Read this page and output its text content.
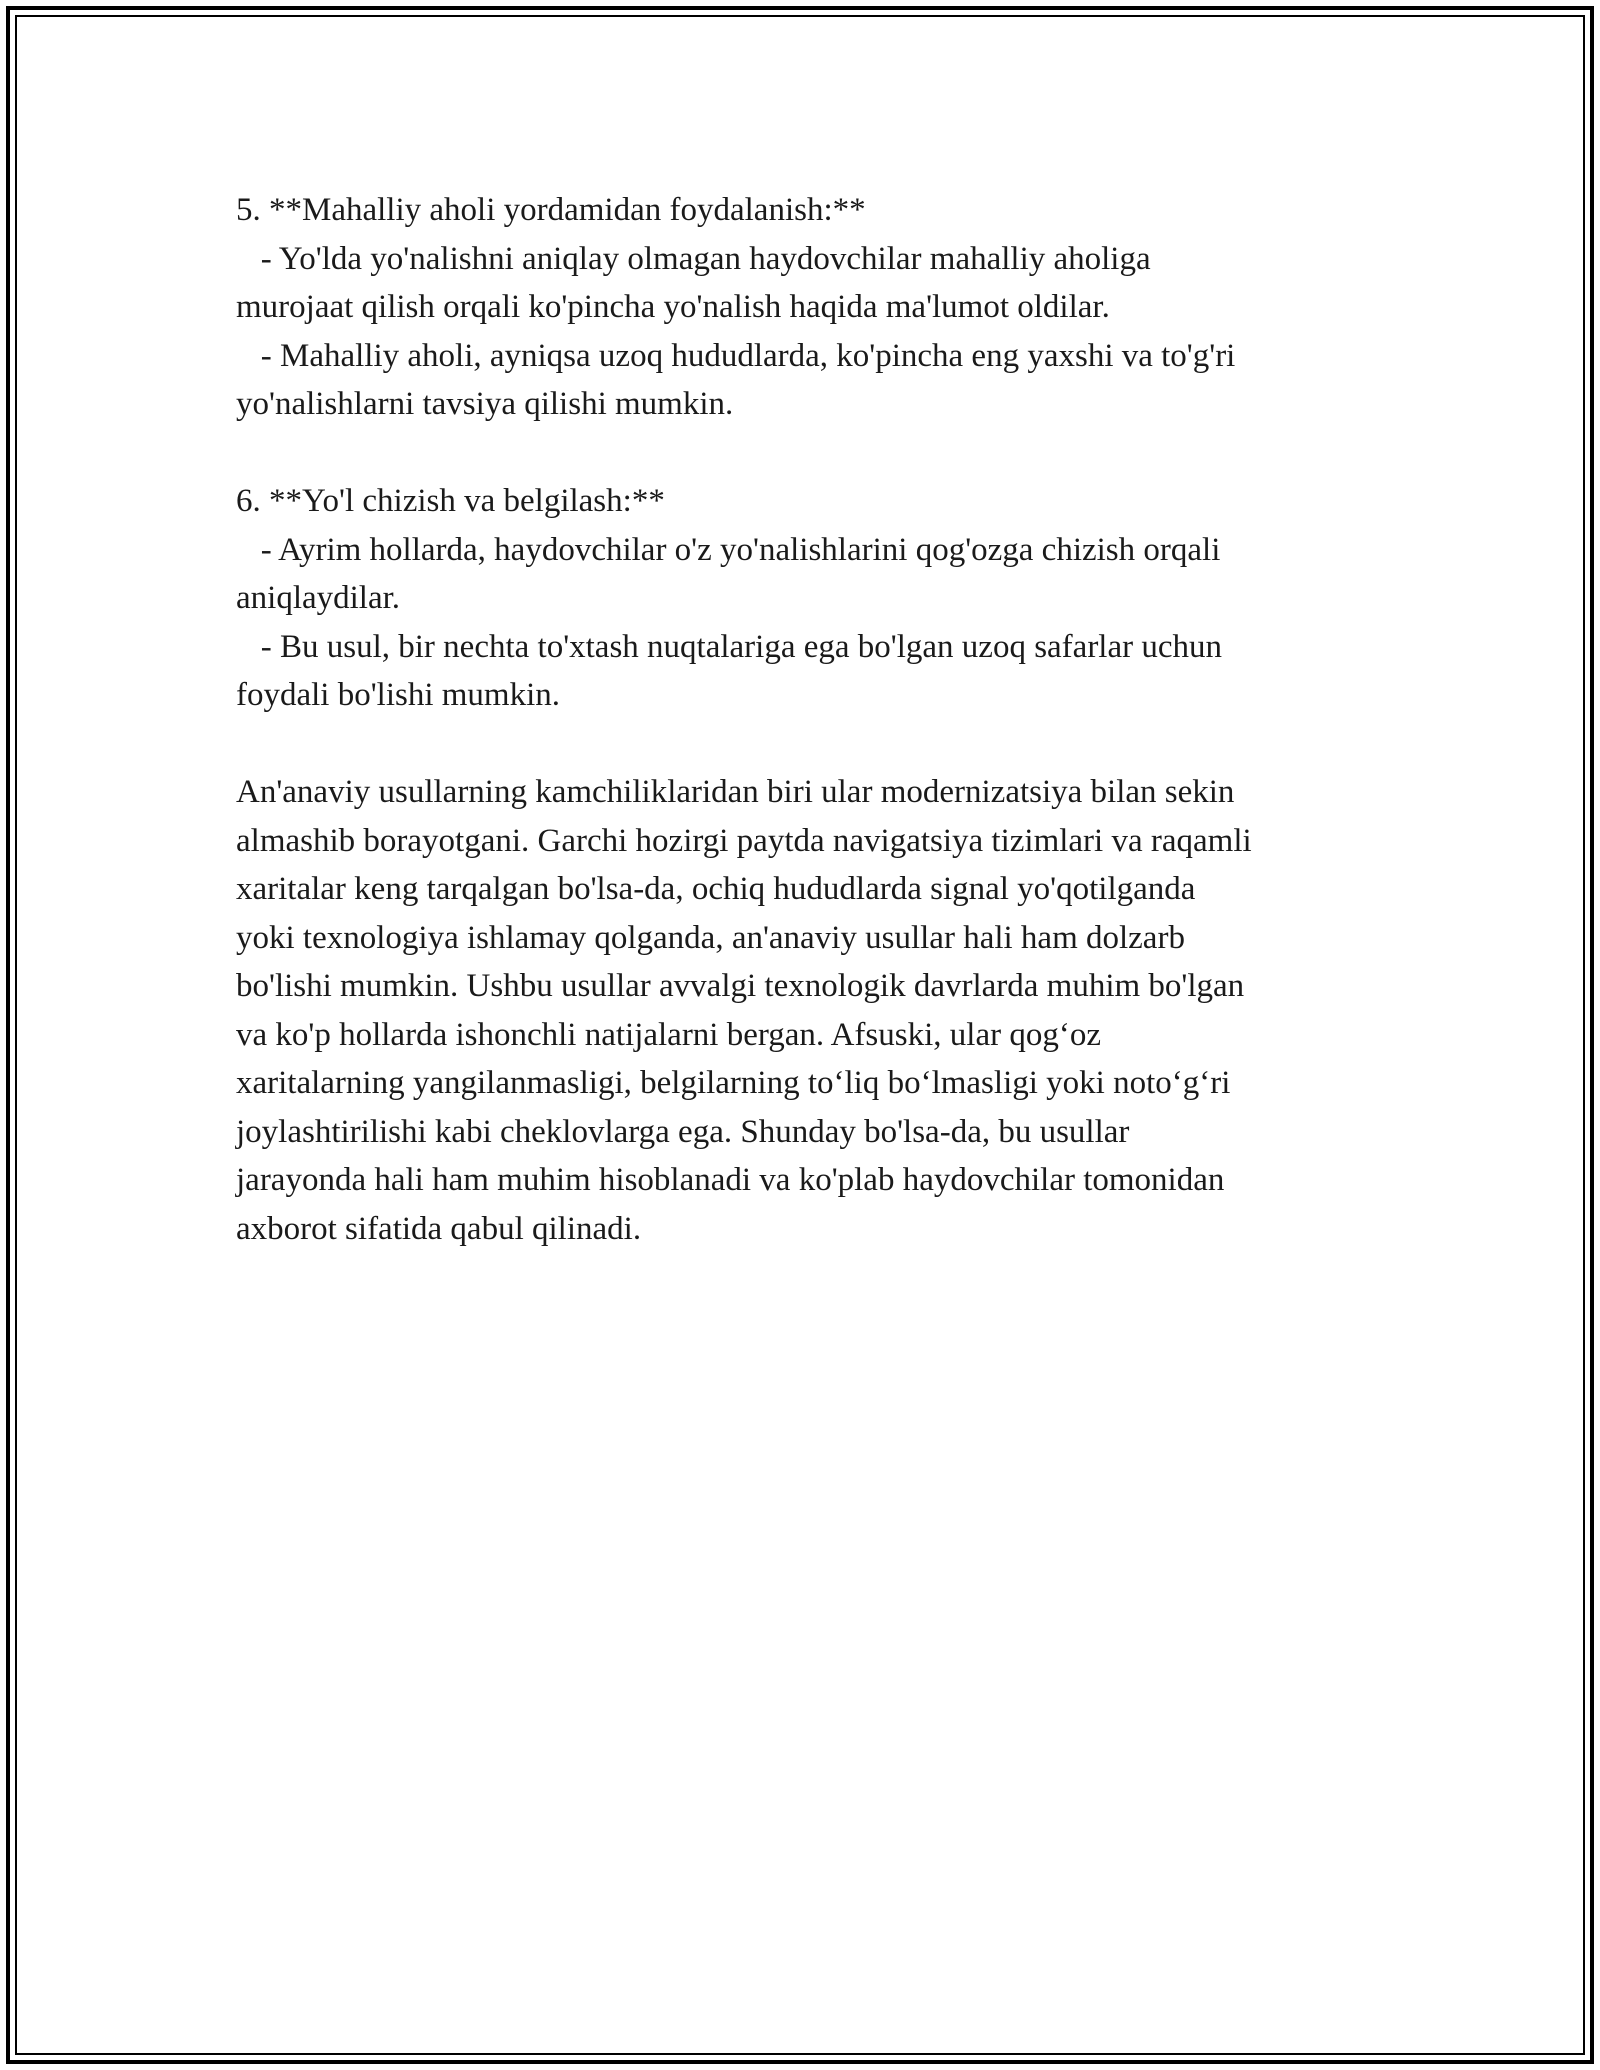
5. **Mahalliy aholi yordamidan foydalanish:**

- Yo'lda yo'nalishni aniqlay olmagan haydovchilar mahalliy aholiga

murojaat qilish orqali ko'pincha yo'nalish haqida ma'lumot oldilar.

- Mahalliy aholi, ayniqsa uzoq hududlarda, ko'pincha eng yaxshi va to'g'ri

yo'nalishlarni tavsiya qilishi mumkin.

6. **Yo'l chizish va belgilash:**

- Ayrim hollarda, haydovchilar o'z yo'nalishlarini qog'ozga chizish orqali

aniqlaydilar.

- Bu usul, bir nechta to'xtash nuqtalariga ega bo'lgan uzoq safarlar uchun

foydali bo'lishi mumkin.

An'anaviy usullarning kamchiliklaridan biri ular modernizatsiya bilan sekin

almashib borayotgani. Garchi hozirgi paytda navigatsiya tizimlari va raqamli

xaritalar keng tarqalgan bo'lsa-da, ochiq hududlarda signal yo'qotilganda

yoki texnologiya ishlamay qolganda, an'anaviy usullar hali ham dolzarb

bo'lishi mumkin. Ushbu usullar avvalgi texnologik davrlarda muhim bo'lgan

va ko'p hollarda ishonchli natijalarni bergan. Afsuski, ular qog‘oz

xaritalarning yangilanmasligi, belgilarning to‘liq bo‘lmasligi yoki noto‘g‘ri

joylashtirilishi kabi cheklovlarga ega. Shunday bo'lsa-da, bu usullar

jarayonda hali ham muhim hisoblanadi va ko'plab haydovchilar tomonidan

axborot sifatida qabul qilinadi.
